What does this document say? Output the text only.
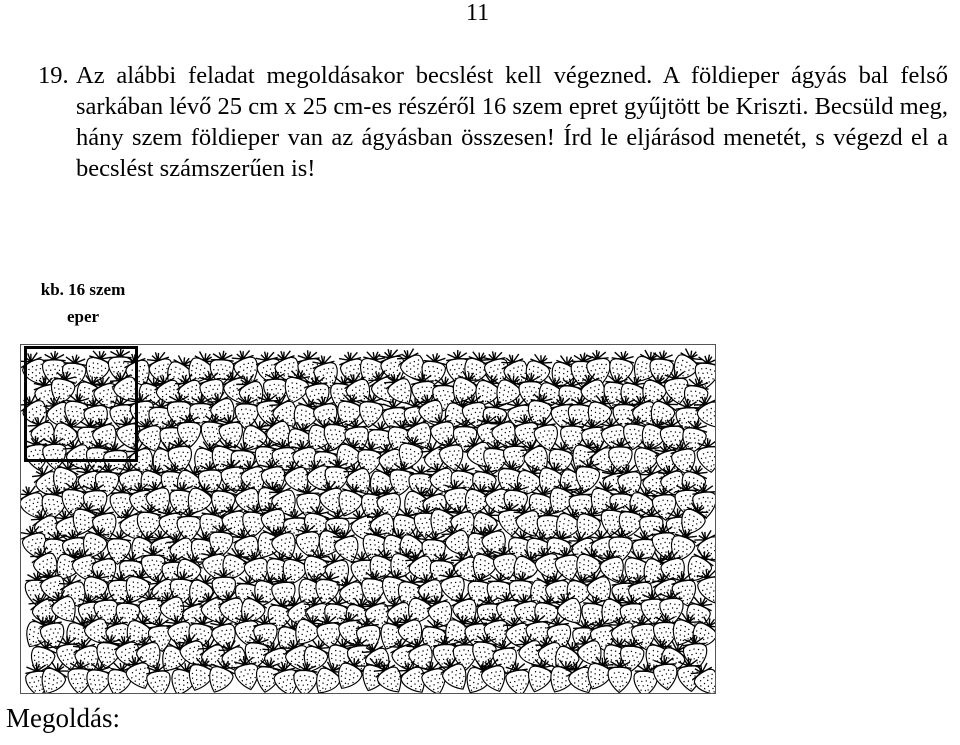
11
19. Az alábbi feladat megoldásakor becslést kell végezned. A földieper ágyás bal felső sarkában lévő 25 cm x 25 cm-es részéről 16 szem epret gyűjtött be Kriszti. Becsüld meg, hány szem földieper van az ágyásban összesen! Írd le eljárásod menetét, s végezd el a becslést számszerűen is!
kb. 16 szem
eper
Megoldás:
